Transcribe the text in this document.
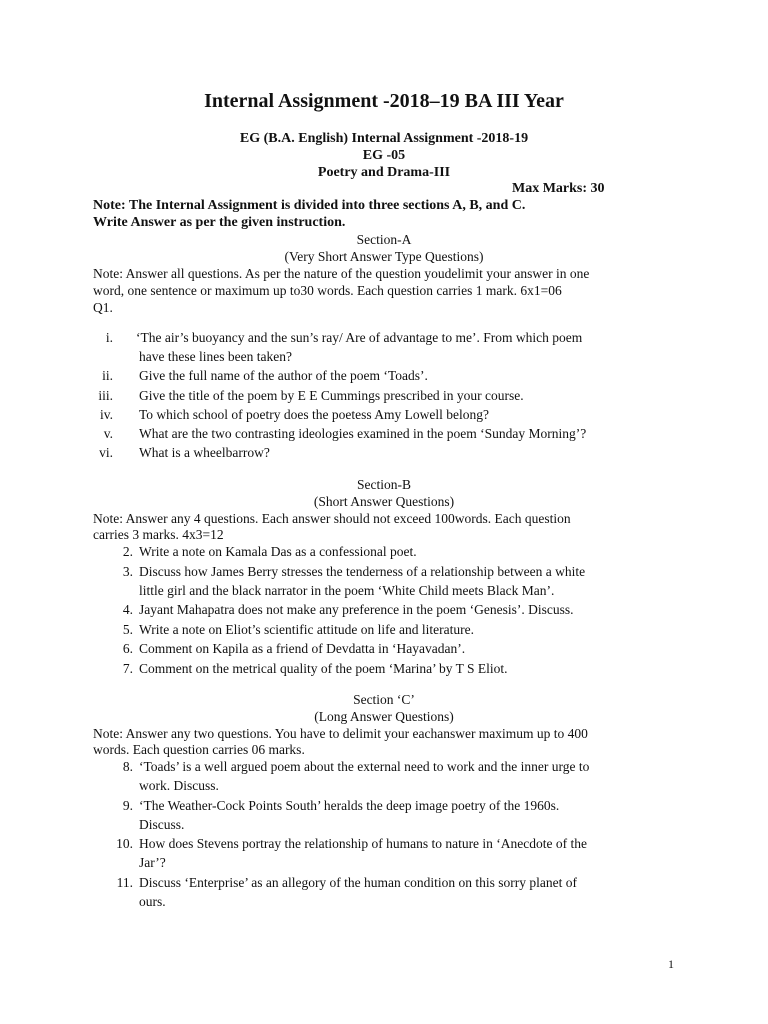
Internal Assignment -2018–19 BA III Year

EG (B.A. English) Internal Assignment -2018-19

EG -05

Poetry and Drama-III

Max Marks: 30
Note: The Internal Assignment is divided into three sections A, B, and C.
Write Answer as per the given instruction.
Section-A
(Very Short Answer Type Questions)
Note: Answer all questions. As per the nature of the question youdelimit your answer in one
word, one sentence or maximum up to30 words. Each question carries 1 mark. 6x1=06
Q1.
i. ‘The air’s buoyancy and the sun’s ray/ Are of advantage to me’. From which poem
have these lines been taken?
ii. Give the full name of the author of the poem ‘Toads’.
iii. Give the title of the poem by E E Cummings prescribed in your course.
iv. To which school of poetry does the poetess Amy Lowell belong?
v. What are the two contrasting ideologies examined in the poem ‘Sunday Morning’?
vi. What is a wheelbarrow?
Section-B
(Short Answer Questions)
Note: Answer any 4 questions. Each answer should not exceed 100words. Each question
carries 3 marks. 4x3=12
2. Write a note on Kamala Das as a confessional poet.
3. Discuss how James Berry stresses the tenderness of a relationship between a white
little girl and the black narrator in the poem ‘White Child meets Black Man’.
4. Jayant Mahapatra does not make any preference in the poem ‘Genesis’. Discuss.
5. Write a note on Eliot’s scientific attitude on life and literature.
6. Comment on Kapila as a friend of Devdatta in ‘Hayavadan’.
7. Comment on the metrical quality of the poem ‘Marina’ by T S Eliot.
Section ‘C’
(Long Answer Questions)
Note: Answer any two questions. You have to delimit your eachanswer maximum up to 400
words. Each question carries 06 marks.
8. ‘Toads’ is a well argued poem about the external need to work and the inner urge to
work. Discuss.
9. ‘The Weather-Cock Points South’ heralds the deep image poetry of the 1960s.
Discuss.
10. How does Stevens portray the relationship of humans to nature in ‘Anecdote of the
Jar’?
11. Discuss ‘Enterprise’ as an allegory of the human condition on this sorry planet of
ours.
1
